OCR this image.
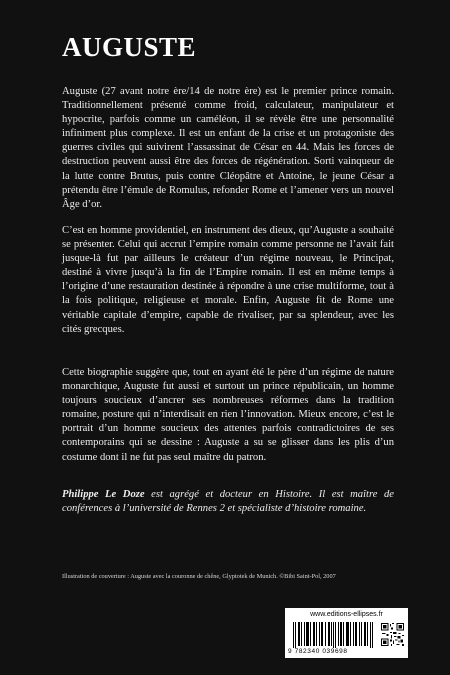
AUGUSTE
Auguste (27 avant notre ère/14 de notre ère) est le premier prince romain. Traditionnellement présenté comme froid, calculateur, manipulateur et hypocrite, parfois comme un caméléon, il se révèle être une personnalité infiniment plus complexe. Il est un enfant de la crise et un protagoniste des guerres civiles qui suivirent l’assassinat de César en 44. Mais les forces de destruction peuvent aussi être des forces de régénération. Sorti vainqueur de la lutte contre Brutus, puis contre Cléopâtre et Antoine, le jeune César a prétendu être l’émule de Romulus, refonder Rome et l’amener vers un nouvel Âge d’or.
C’est en homme providentiel, en instrument des dieux, qu’Auguste a souhaité se présenter. Celui qui accrut l’empire romain comme personne ne l’avait fait jusque-là fut par ailleurs le créateur d’un régime nouveau, le Principat, destiné à vivre jusqu’à la fin de l’Empire romain. Il est en même temps à l’origine d’une restauration destinée à répondre à une crise multiforme, tout à la fois politique, religieuse et morale. Enfin, Auguste fit de Rome une véritable capitale d’empire, capable de rivaliser, par sa splendeur, avec les cités grecques.
Cette biographie suggère que, tout en ayant été le père d’un régime de nature monarchique, Auguste fut aussi et surtout un prince républicain, un homme toujours soucieux d’ancrer ses nombreuses réformes dans la tradition romaine, posture qui n’interdisait en rien l’innovation. Mieux encore, c’est le portrait d’un homme soucieux des attentes parfois contradictoires de ses contemporains qui se dessine : Auguste a su se glisser dans les plis d’un costume dont il ne fut pas seul maître du patron.
Philippe Le Doze est agrégé et docteur en Histoire. Il est maître de conférences à l’université de Rennes 2 et spécialiste d’histoire romaine.
Illustration de couverture : Auguste avec la couronne de chêne, Glyptotek de Munich. ©Bibi Saint-Pol, 2007
www.editions-ellipses.fr
9 782340 039698
